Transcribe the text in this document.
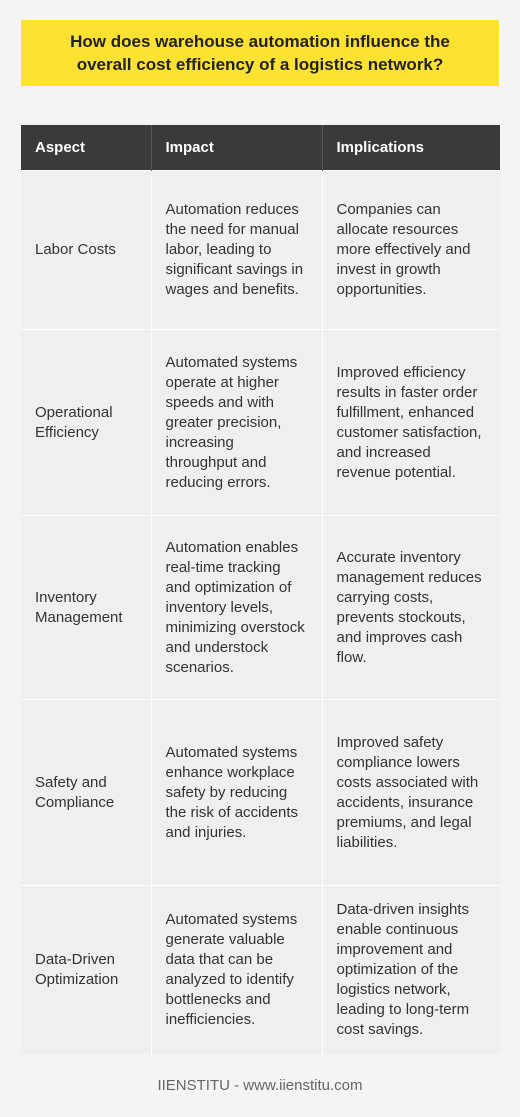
How does warehouse automation influence the overall cost efficiency of a logistics network?
Aspect	Impact	Implications
Labor Costs	Automation reduces the need for manual labor, leading to significant savings in wages and benefits.	Companies can allocate resources more effectively and invest in growth opportunities.
Operational Efficiency	Automated systems operate at higher speeds and with greater precision, increasing throughput and reducing errors.	Improved efficiency results in faster order fulfillment, enhanced customer satisfaction, and increased revenue potential.
Inventory Management	Automation enables real-time tracking and optimization of inventory levels, minimizing overstock and understock scenarios.	Accurate inventory management reduces carrying costs, prevents stockouts, and improves cash flow.
Safety and Compliance	Automated systems enhance workplace safety by reducing the risk of accidents and injuries.	Improved safety compliance lowers costs associated with accidents, insurance premiums, and legal liabilities.
Data-Driven Optimization	Automated systems generate valuable data that can be analyzed to identify bottlenecks and inefficiencies.	Data-driven insights enable continuous improvement and optimization of the logistics network, leading to long-term cost savings.
IIENSTITU - www.iienstitu.com
